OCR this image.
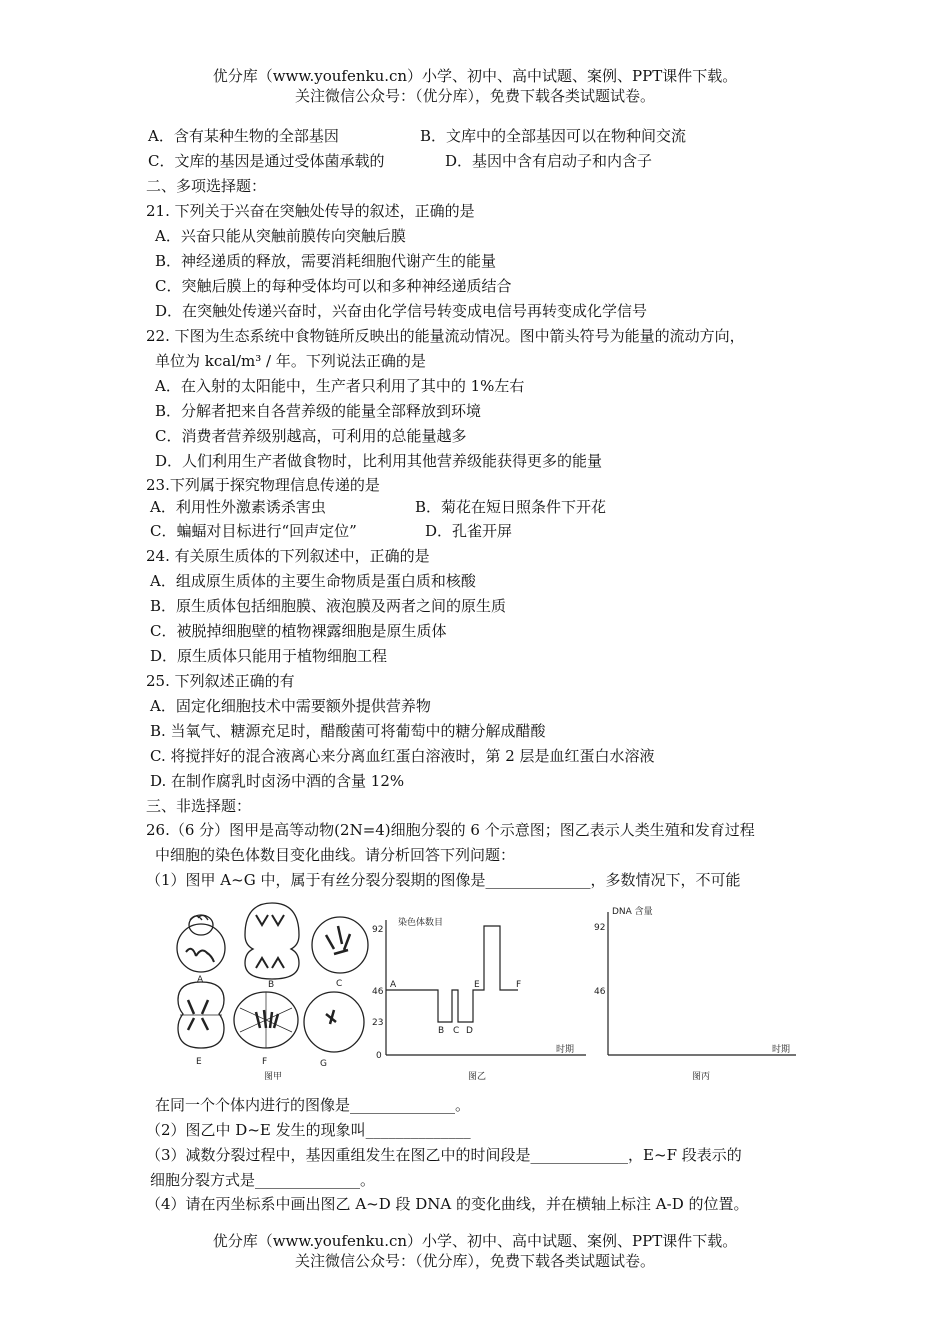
优分库（www.youfenku.cn）小学、初中、高中试题、案例、PPT课件下载。
关注微信公众号：（优分库），免费下载各类试题试卷。
A．含有某种生物的全部基因	B．文库中的全部基因可以在物种间交流
C．文库的基因是通过受体菌承载的	D．基因中含有启动子和内含子
二、多项选择题：
21. 下列关于兴奋在突触处传导的叙述，正确的是
A．兴奋只能从突触前膜传向突触后膜
B．神经递质的释放，需要消耗细胞代谢产生的能量
C．突触后膜上的每种受体均可以和多种神经递质结合
D．在突触处传递兴奋时，兴奋由化学信号转变成电信号再转变成化学信号
22. 下图为生态系统中食物链所反映出的能量流动情况。图中箭头符号为能量的流动方向，
单位为 kcal/m³ / 年。下列说法正确的是
A．在入射的太阳能中，生产者只利用了其中的 1%左右
B．分解者把来自各营养级的能量全部释放到环境
C．消费者营养级别越高，可利用的总能量越多
D．人们利用生产者做食物时，比利用其他营养级能获得更多的能量
23.下列属于探究物理信息传递的是
A．利用性外激素诱杀害虫	B．菊花在短日照条件下开花
C．蝙蝠对目标进行“回声定位”	D．孔雀开屏
24. 有关原生质体的下列叙述中，正确的是
A．组成原生质体的主要生命物质是蛋白质和核酸
B．原生质体包括细胞膜、液泡膜及两者之间的原生质
C．被脱掉细胞壁的植物裸露细胞是原生质体
D．原生质体只能用于植物细胞工程
25. 下列叙述正确的有
A．固定化细胞技术中需要额外提供营养物
B. 当氧气、糖源充足时，醋酸菌可将葡萄中的糖分解成醋酸
C. 将搅拌好的混合液离心来分离血红蛋白溶液时，第 2 层是血红蛋白水溶液
D. 在制作腐乳时卤汤中酒的含量 12%
三、非选择题：
26.（6 分）图甲是高等动物(2N=4)细胞分裂的 6 个示意图；图乙表示人类生殖和发育过程
中细胞的染色体数目变化曲线。请分析回答下列问题：
（1）图甲 A~G 中，属于有丝分裂分裂期的图像是______________，多数情况下，不可能
A	B	C
E	F	G
图甲
染色体数目
时期
92
46
23
0
A
B C D
E	F
图乙
DNA 含量
时期
92
46
图丙
在同一个个体内进行的图像是______________。
（2）图乙中 D~E 发生的现象叫______________
（3）减数分裂过程中，基因重组发生在图乙中的时间段是_____________，E~F 段表示的
细胞分裂方式是______________。
（4）请在丙坐标系中画出图乙 A~D 段 DNA 的变化曲线，并在横轴上标注 A-D 的位置。
优分库（www.youfenku.cn）小学、初中、高中试题、案例、PPT课件下载。
关注微信公众号：（优分库），免费下载各类试题试卷。
